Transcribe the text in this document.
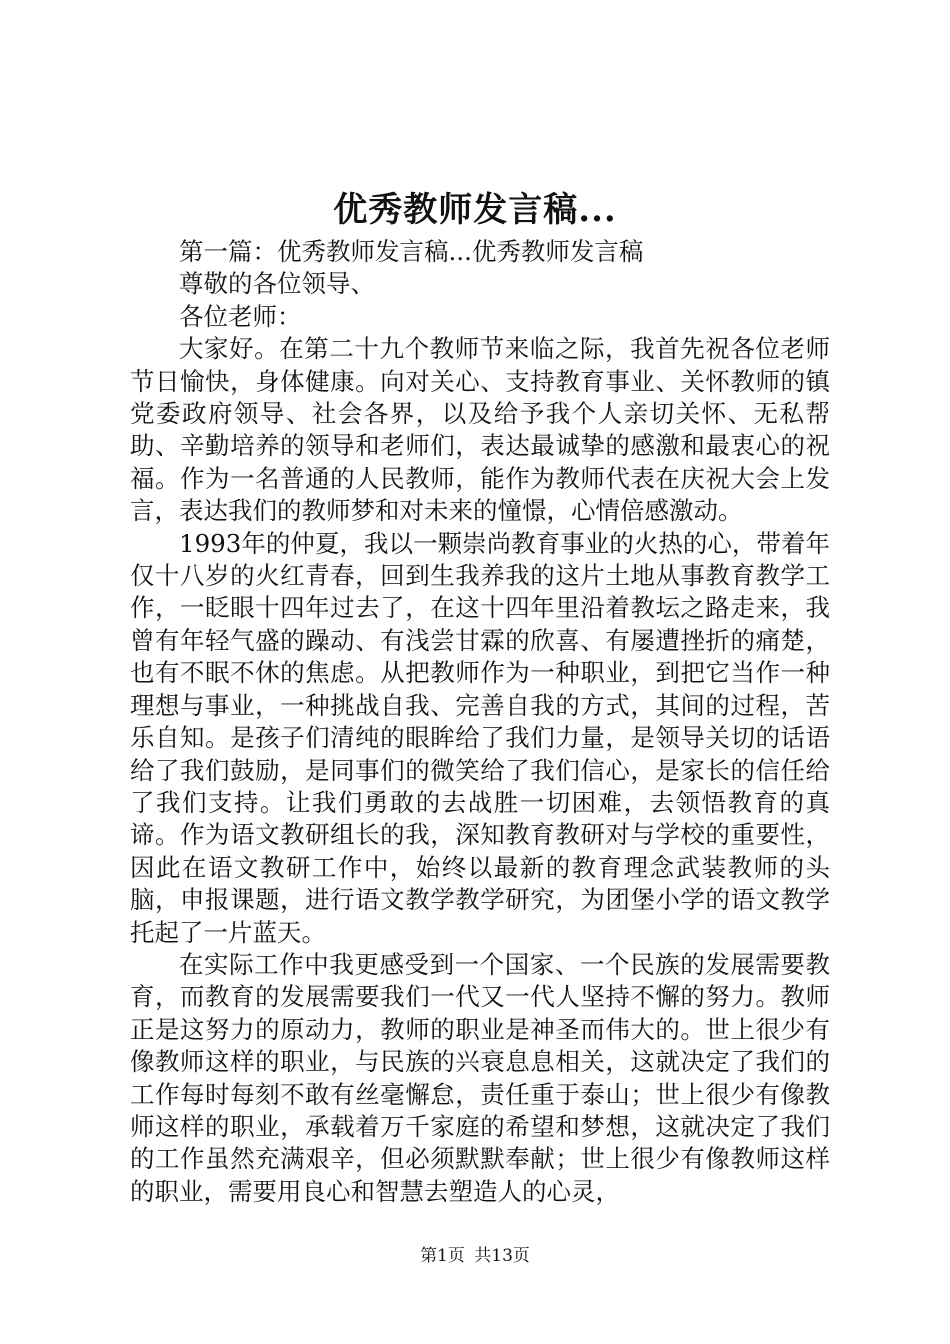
优秀教师发言稿...

第一篇：优秀教师发言稿...优秀教师发言稿

尊敬的各位领导、

各位老师：

大家好。在第二十九个教师节来临之际，我首先祝各位老师节日愉快，身体健康。向对关心、支持教育事业、关怀教师的镇党委政府领导、社会各界，以及给予我个人亲切关怀、无私帮助、辛勤培养的领导和老师们，表达最诚挚的感激和最衷心的祝福。作为一名普通的人民教师，能作为教师代表在庆祝大会上发言，表达我们的教师梦和对未来的憧憬，心情倍感激动。

1993年的仲夏，我以一颗崇尚教育事业的火热的心，带着年仅十八岁的火红青春，回到生我养我的这片土地从事教育教学工作，一眨眼十四年过去了，在这十四年里沿着教坛之路走来，我曾有年轻气盛的躁动、有浅尝甘霖的欣喜、有屡遭挫折的痛楚，也有不眠不休的焦虑。从把教师作为一种职业，到把它当作一种理想与事业，一种挑战自我、完善自我的方式，其间的过程，苦乐自知。是孩子们清纯的眼眸给了我们力量，是领导关切的话语给了我们鼓励，是同事们的微笑给了我们信心，是家长的信任给了我们支持。让我们勇敢的去战胜一切困难，去领悟教育的真谛。作为语文教研组长的我，深知教育教研对与学校的重要性，因此在语文教研工作中，始终以最新的教育理念武装教师的头脑，申报课题，进行语文教学教学研究，为团堡小学的语文教学托起了一片蓝天。

在实际工作中我更感受到一个国家、一个民族的发展需要教育，而教育的发展需要我们一代又一代人坚持不懈的努力。教师正是这努力的原动力，教师的职业是神圣而伟大的。世上很少有像教师这样的职业，与民族的兴衰息息相关，这就决定了我们的工作每时每刻不敢有丝毫懈怠，责任重于泰山；世上很少有像教师这样的职业，承载着万千家庭的希望和梦想，这就决定了我们的工作虽然充满艰辛，但必须默默奉献；世上很少有像教师这样的职业，需要用良心和智慧去塑造人的心灵，

第1页 共13页
